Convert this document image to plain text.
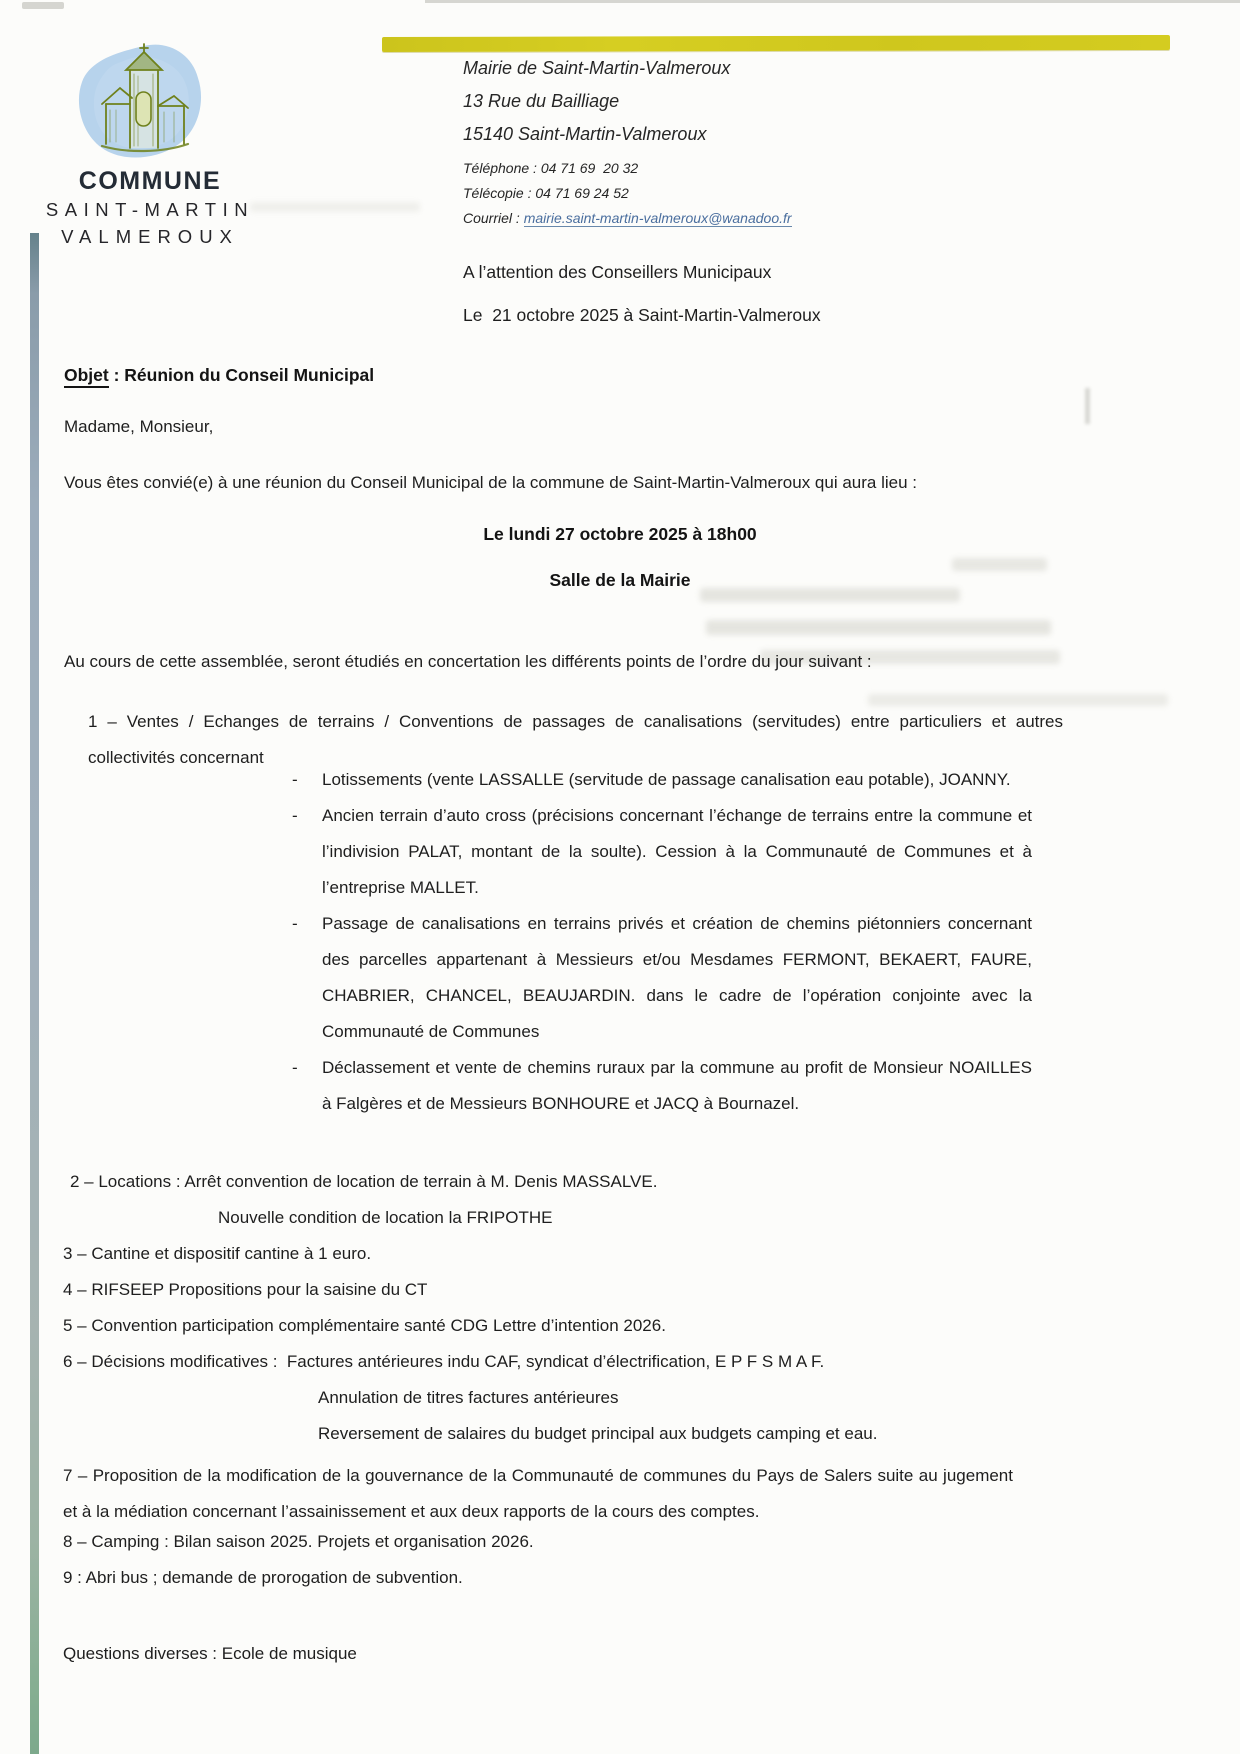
COMMUNE
SAINT-MARTIN
VALMEROUX
Mairie de Saint-Martin-Valmeroux
13 Rue du Bailliage
15140 Saint-Martin-Valmeroux
Téléphone : 04 71 69  20 32
Télécopie : 04 71 69 24 52
Courriel : mairie.saint-martin-valmeroux@wanadoo.fr
A l’attention des Conseillers Municipaux
Le  21 octobre 2025 à Saint-Martin-Valmeroux
Objet : Réunion du Conseil Municipal
Madame, Monsieur,
Vous êtes convié(e) à une réunion du Conseil Municipal de la commune de Saint-Martin-Valmeroux qui aura lieu :
Le lundi 27 octobre 2025 à 18h00
Salle de la Mairie
Au cours de cette assemblée, seront étudiés en concertation les différents points de l’ordre du jour suivant :
1 – Ventes / Echanges de terrains / Conventions de passages de canalisations (servitudes) entre particuliers et autres collectivités concernant
-	Lotissements (vente LASSALLE (servitude de passage canalisation eau potable), JOANNY.
-	Ancien terrain d’auto cross (précisions concernant l’échange de terrains entre la commune et l’indivision PALAT, montant de la soulte). Cession à la Communauté de Communes et à l’entreprise MALLET.
-	Passage de canalisations en terrains privés et création de chemins piétonniers concernant des parcelles appartenant à Messieurs et/ou Mesdames FERMONT, BEKAERT, FAURE, CHABRIER, CHANCEL, BEAUJARDIN. dans le cadre de l’opération conjointe avec la Communauté de Communes
-	Déclassement et vente de chemins ruraux par la commune au profit de Monsieur NOAILLES à Falgères et de Messieurs BONHOURE et JACQ à Bournazel.
2 – Locations : Arrêt convention de location de terrain à M. Denis MASSALVE.
Nouvelle condition de location la FRIPOTHE
3 – Cantine et dispositif cantine à 1 euro.
4 – RIFSEEP Propositions pour la saisine du CT
5 – Convention participation complémentaire santé CDG Lettre d’intention 2026.
6 – Décisions modificatives :  Factures antérieures indu CAF, syndicat d’électrification, E P F S M A F.
Annulation de titres factures antérieures
Reversement de salaires du budget principal aux budgets camping et eau.
7 – Proposition de la modification de la gouvernance de la Communauté de communes du Pays de Salers suite au jugement et à la médiation concernant l’assainissement et aux deux rapports de la cours des comptes.
8 – Camping : Bilan saison 2025. Projets et organisation 2026.
9 : Abri bus ; demande de prorogation de subvention.
Questions diverses : Ecole de musique
